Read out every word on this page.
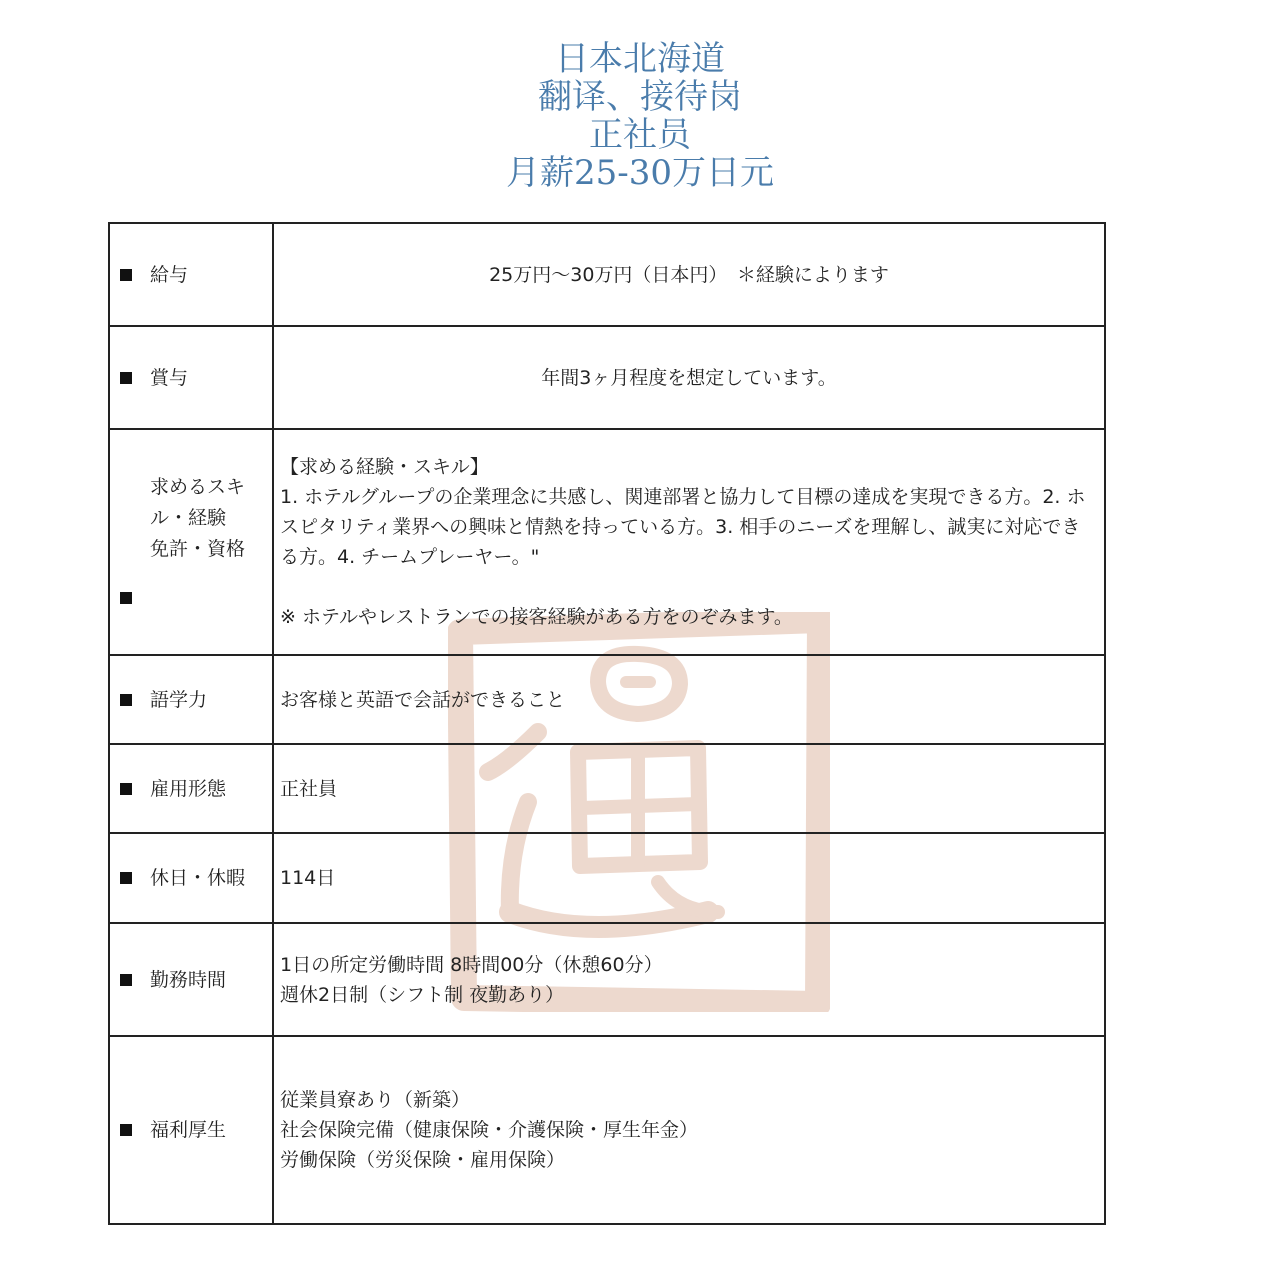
日本北海道
翻译、接待岗
正社员
月薪25-30万日元
給与	25万円～30万円（日本円）　＊経験によります

賞与	年間3ヶ月程度を想定しています。

求めるスキ
ル・経験
免許・資格	【求める経験・スキル】
1. ホテルグループの企業理念に共感し、関連部署と協力して目標の達成を実現できる方。2. ホスピタリティ業界への興味と情熱を持っている方。3. 相手のニーズを理解し、誠実に対応できる方。4. チームプレーヤー。"
※ ホテルやレストランでの接客経験がある方をのぞみます。

語学力	お客様と英語で会話ができること

雇用形態	正社員

休日・休暇	114日

勤務時間	1日の所定労働時間 8時間00分（休憩60分）
週休2日制（シフト制 夜勤あり）

福利厚生	従業員寮あり（新築）
社会保険完備（健康保険・介護保険・厚生年金）
労働保険（労災保険・雇用保険）
